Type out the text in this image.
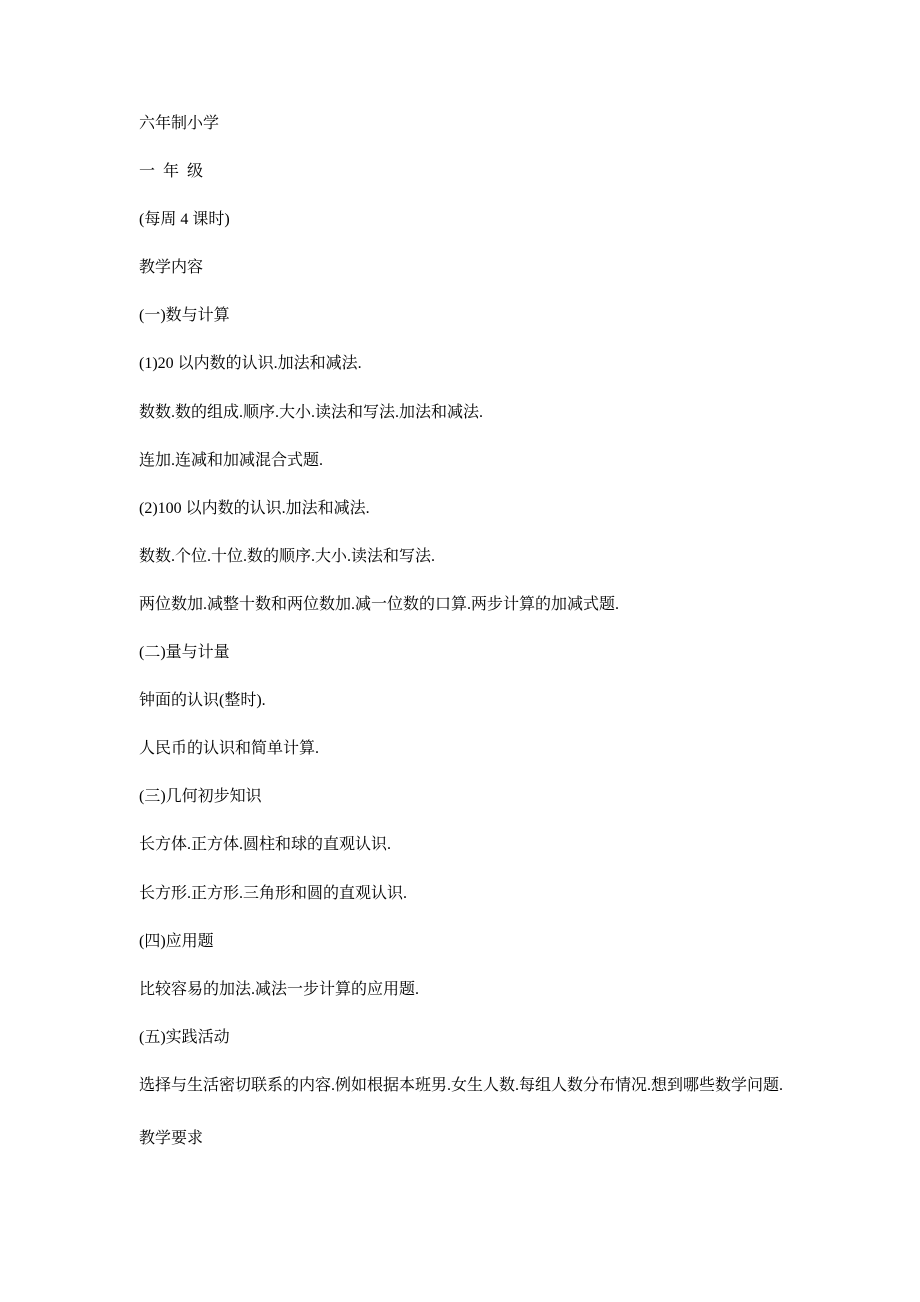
六年制小学

一 年 级

(每周 4 课时)

教学内容

(一)数与计算

(1)20 以内数的认识.加法和减法.

数数.数的组成.顺序.大小.读法和写法.加法和减法.

连加.连减和加减混合式题.

(2)100 以内数的认识.加法和减法.

数数.个位.十位.数的顺序.大小.读法和写法.

两位数加.减整十数和两位数加.减一位数的口算.两步计算的加减式题.

(二)量与计量

钟面的认识(整时).

人民币的认识和简单计算.

(三)几何初步知识

长方体.正方体.圆柱和球的直观认识.

长方形.正方形.三角形和圆的直观认识.

(四)应用题

比较容易的加法.减法一步计算的应用题.

(五)实践活动

选择与生活密切联系的内容.例如根据本班男.女生人数.每组人数分布情况.想到哪些数学问题.

教学要求
